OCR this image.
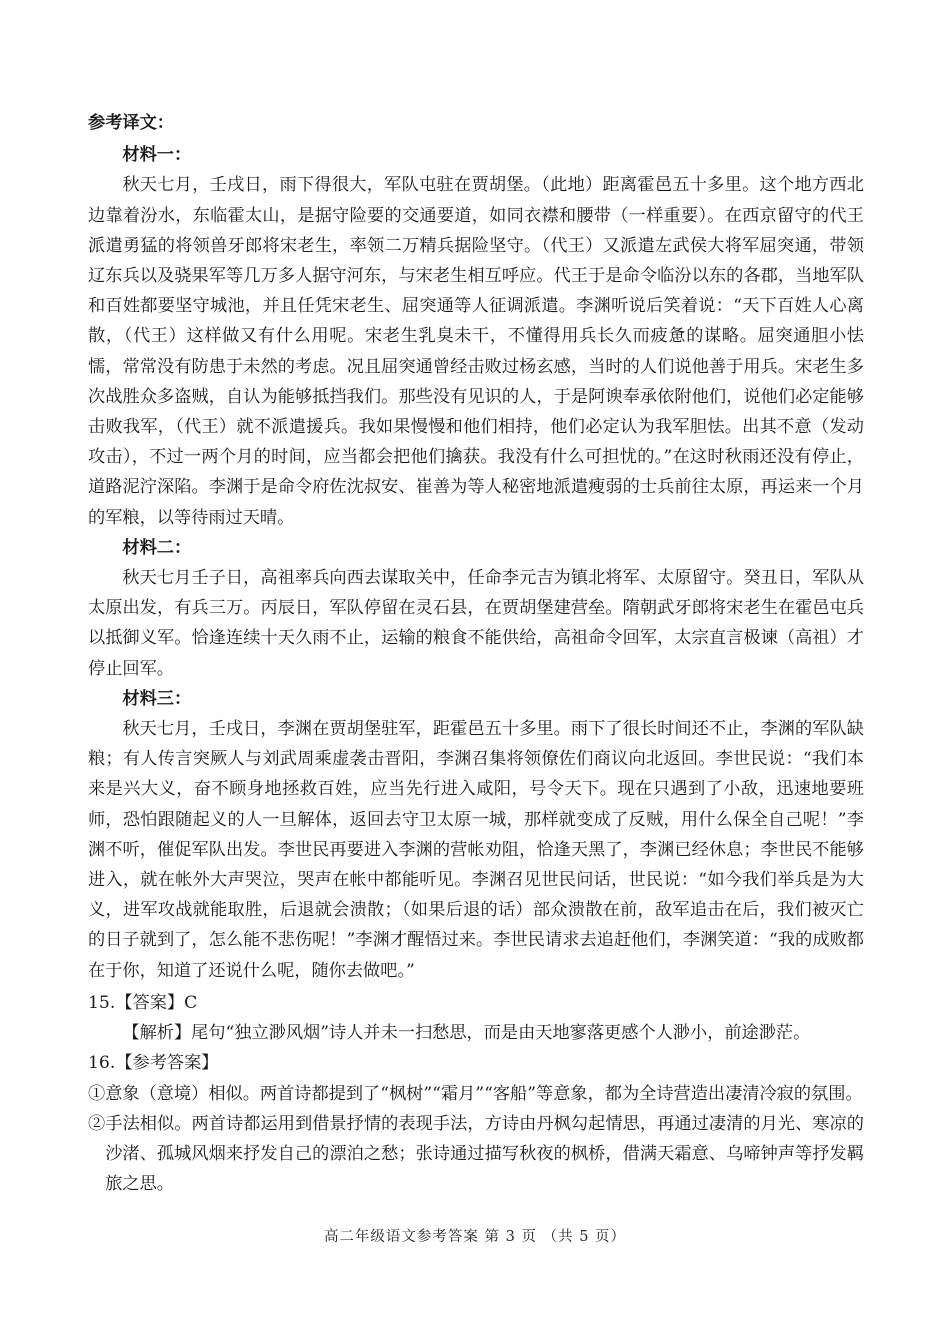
参考译文：

材料一：

秋天七月，壬戌日，雨下得很大，军队屯驻在贾胡堡。（此地）距离霍邑五十多里。这个地方西北边靠着汾水，东临霍太山，是据守险要的交通要道，如同衣襟和腰带（一样重要）。在西京留守的代王派遣勇猛的将领兽牙郎将宋老生，率领二万精兵据险坚守。（代王）又派遣左武侯大将军屈突通，带领辽东兵以及骁果军等几万多人据守河东，与宋老生相互呼应。代王于是命令临汾以东的各郡，当地军队和百姓都要坚守城池，并且任凭宋老生、屈突通等人征调派遣。李渊听说后笑着说：“天下百姓人心离散，（代王）这样做又有什么用呢。宋老生乳臭未干，不懂得用兵长久而疲惫的谋略。屈突通胆小怯懦，常常没有防患于未然的考虑。况且屈突通曾经击败过杨玄感，当时的人们说他善于用兵。宋老生多次战胜众多盗贼，自认为能够抵挡我们。那些没有见识的人，于是阿谀奉承依附他们，说他们必定能够击败我军，（代王）就不派遣援兵。我如果慢慢和他们相持，他们必定认为我军胆怯。出其不意（发动攻击），不过一两个月的时间，应当都会把他们擒获。我没有什么可担忧的。”在这时秋雨还没有停止，道路泥泞深陷。李渊于是命令府佐沈叔安、崔善为等人秘密地派遣瘦弱的士兵前往太原，再运来一个月的军粮，以等待雨过天晴。

材料二：

秋天七月壬子日，高祖率兵向西去谋取关中，任命李元吉为镇北将军、太原留守。癸丑日，军队从太原出发，有兵三万。丙辰日，军队停留在灵石县，在贾胡堡建营垒。隋朝武牙郎将宋老生在霍邑屯兵以抵御义军。恰逢连续十天久雨不止，运输的粮食不能供给，高祖命令回军，太宗直言极谏（高祖）才停止回军。

材料三：

秋天七月，壬戌日，李渊在贾胡堡驻军，距霍邑五十多里。雨下了很长时间还不止，李渊的军队缺粮；有人传言突厥人与刘武周乘虚袭击晋阳，李渊召集将领僚佐们商议向北返回。李世民说：“我们本来是兴大义，奋不顾身地拯救百姓，应当先行进入咸阳，号令天下。现在只遇到了小敌，迅速地要班师，恐怕跟随起义的人一旦解体，返回去守卫太原一城，那样就变成了反贼，用什么保全自己呢！”李渊不听，催促军队出发。李世民再要进入李渊的营帐劝阻，恰逢天黑了，李渊已经休息；李世民不能够进入，就在帐外大声哭泣，哭声在帐中都能听见。李渊召见世民问话，世民说：“如今我们举兵是为大义，进军攻战就能取胜，后退就会溃散；（如果后退的话）部众溃散在前，敌军追击在后，我们被灭亡的日子就到了，怎么能不悲伤呢！”李渊才醒悟过来。李世民请求去追赶他们，李渊笑道：“我的成败都在于你，知道了还说什么呢，随你去做吧。”

15.【答案】C

【解析】尾句“独立渺风烟”诗人并未一扫愁思，而是由天地寥落更感个人渺小，前途渺茫。

16.【参考答案】

①意象（意境）相似。两首诗都提到了“枫树”“霜月”“客船”等意象，都为全诗营造出凄清冷寂的氛围。

②手法相似。两首诗都运用到借景抒情的表现手法，方诗由丹枫勾起情思，再通过凄清的月光、寒凉的沙渚、孤城风烟来抒发自己的漂泊之愁；张诗通过描写秋夜的枫桥，借满天霜意、乌啼钟声等抒发羁旅之思。

高二年级语文参考答案 第 3 页 （共 5 页）
